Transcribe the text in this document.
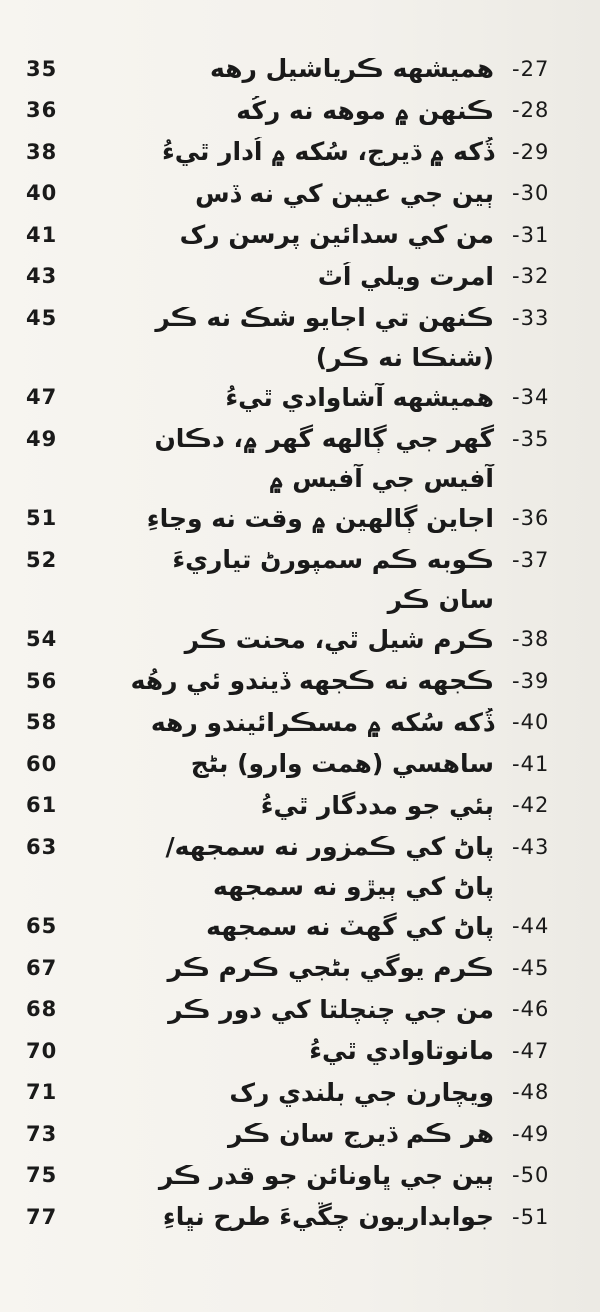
35	هميشهه ڪرياشيل رهه -27
36	ڪنهن ۾ موهه نه رکُه -28
38	ڏُکه ۾ ڌيرج، سُکه ۾ اُدار ٿيءُ -29
40	ٻين جي عيبن کي نه ڏس -30
41	من کي سدائين پرسن رک -31
43	امرت ويلي اُٿ -32
45	ڪنهن تي اجايو شڪ نه ڪر -33
(شنڪا نه ڪر)
47	هميشهه آشاوادي ٿيءُ -34
49	گهر جي ڳالهه گهر ۾، دڪان -35
آفيس جي آفيس ۾
51	اجاين ڳالهين ۾ وقت نه وڃاءِ -36
52	ڪوبه ڪم سمپورڻ تياريءَ -37
سان ڪر
54	ڪرم شيل ٿي، محنت ڪر -38
56	ڪجهه نه ڪجهه ڏيندو ئي رهُه -39
58	ڏُکه سُکه ۾ مسڪرائيندو رهه -40
60	ساهسي (همت وارو) بڻج -41
61	ٻئي جو مددگار ٿيءُ -42
63	پاڻ کي ڪمزور نه سمجهه/ -43
پاڻ کي ٻيڙو نه سمجهه
65	پاڻ کي گهٽ نه سمجهه -44
67	ڪرم يوگي بڻجي ڪرم ڪر -45
68	من جي چنچلتا کي دور ڪر -46
70	مانوتاوادي ٿيءُ -47
71	ويچارن جي بلندي رک -48
73	هر ڪم ڌيرج سان ڪر -49
75	ٻين جي ڀاونائن جو قدر ڪر -50
77	جوابداريون چڱيءَ طرح نڀاءِ -51
